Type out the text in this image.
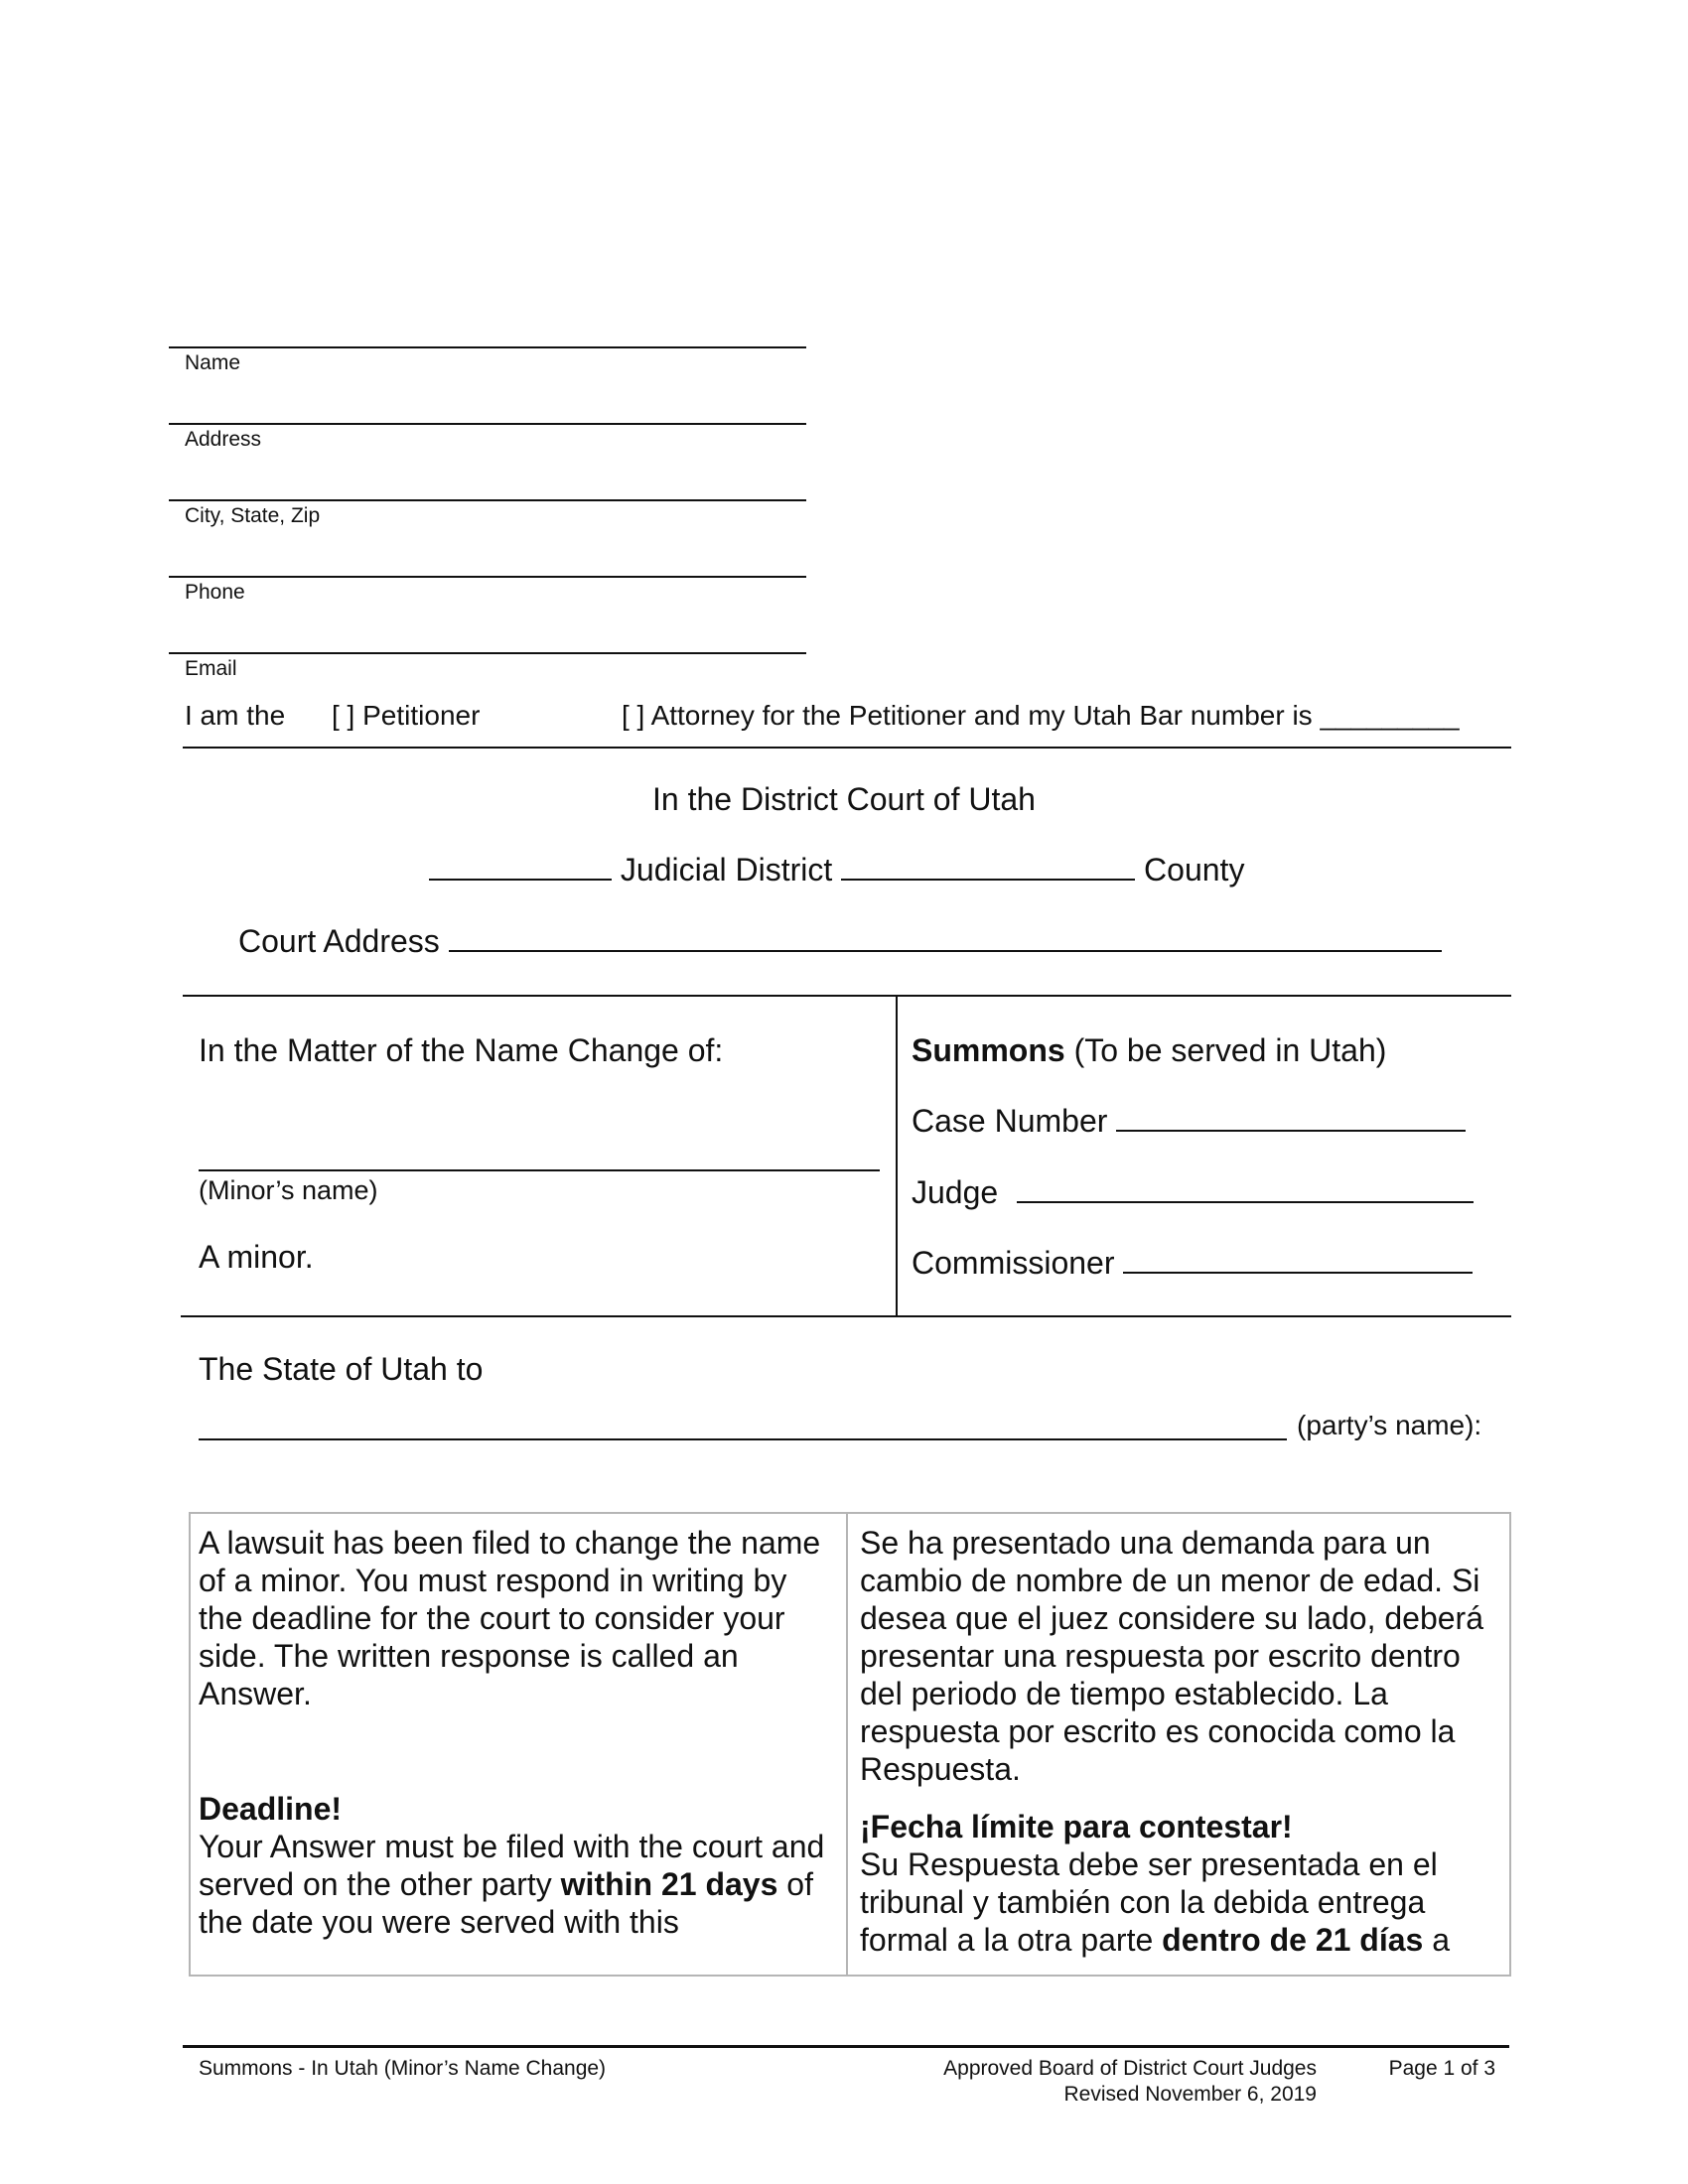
Name
Address
City, State, Zip
Phone
Email
I am the [ ] Petitioner	[ ] Attorney for the Petitioner and my Utah Bar number is _________
In the District Court of Utah
Judicial District	County
Court Address
In the Matter of the Name Change of:
(Minor’s name)
A minor.
Summons (To be served in Utah)
Case Number
Judge
Commissioner
The State of Utah to
(party’s name):

A lawsuit has been filed to change the name of a minor. You must respond in writing by the deadline for the court to consider your side. The written response is called an Answer.

Deadline!

Your Answer must be filed with the court and served on the other party within 21 days of the date you were served with this

Se ha presentado una demanda para un cambio de nombre de un menor de edad. Si desea que el juez considere su lado, deberá presentar una respuesta por escrito dentro del periodo de tiempo establecido. La respuesta por escrito es conocida como la Respuesta.

¡Fecha límite para contestar!

Su Respuesta debe ser presentada en el tribunal y también con la debida entrega formal a la otra parte dentro de 21 días a

Summons - In Utah (Minor’s Name Change)	Approved Board of District Court Judges
Revised November 6, 2019
Page 1 of 3
